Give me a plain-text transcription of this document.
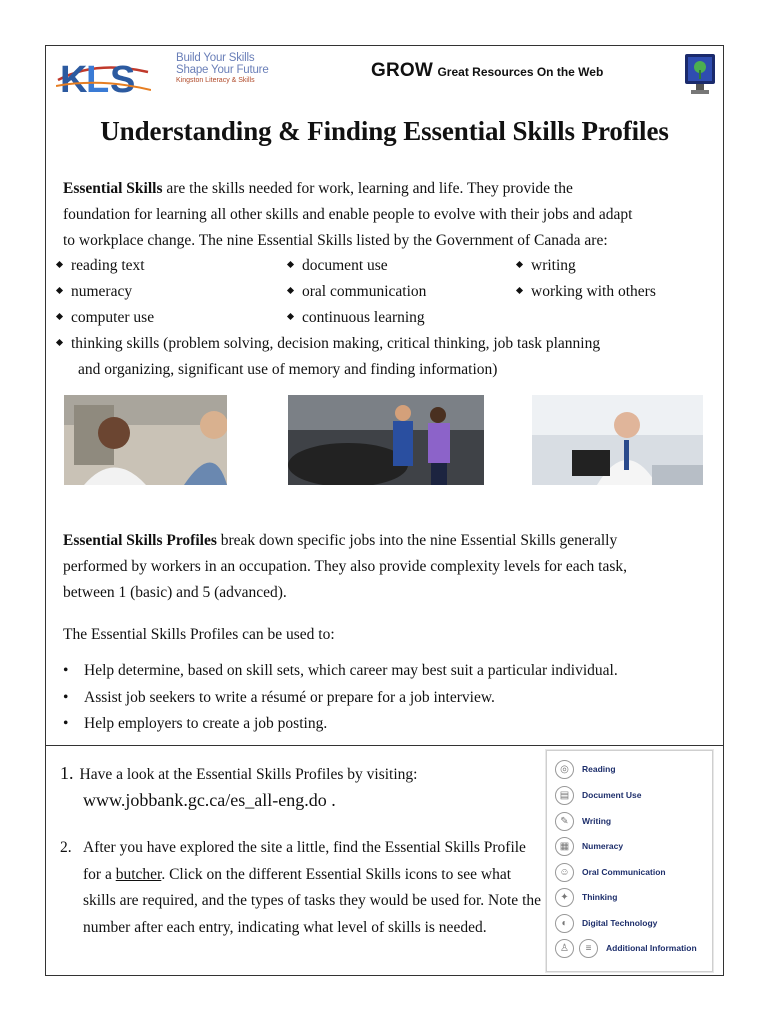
K
L S
Build Your Skills
Shape Your Future
Kingston Literacy & Skills	GROW Great Resources On the Web
Understanding & Finding Essential Skills Profiles

Essential Skills are the skills needed for work, learning and life. They provide the
foundation for learning all other skills and enable people to evolve with their jobs and adapt
to workplace change. The nine Essential Skills listed by the Government of Canada are:

reading text	document use	writing
numeracy	oral communication	working with others
computer use	continuous learning
thinking skills (problem solving, decision making, critical thinking, job task planning
and organizing, significant use of memory and finding information)

Essential Skills Profiles break down specific jobs into the nine Essential Skills generally
performed by workers in an occupation. They also provide complexity levels for each task,
between 1 (basic) and 5 (advanced).

The Essential Skills Profiles can be used to:

• Help determine, based on skill sets, which career may best suit a particular individual.
• Assist job seekers to write a résumé or prepare for a job interview.
• Help employers to create a job posting.
1. Have a look at the Essential Skills Profiles by visiting:
www.jobbank.gc.ca/es_all-eng.do .
2. After you have explored the site a little, find the Essential Skills Profile for a butcher. Click on the different Essential Skills icons to see what skills are required, and the types of tasks they would be used for. Note the number after each entry, indicating what level of skills is needed.
◎	Reading
▤	Document Use
✎	Writing
▦	Numeracy
☺	Oral Communication
✦	Thinking
◐	Digital Technology
♙	≡	Additional Information
